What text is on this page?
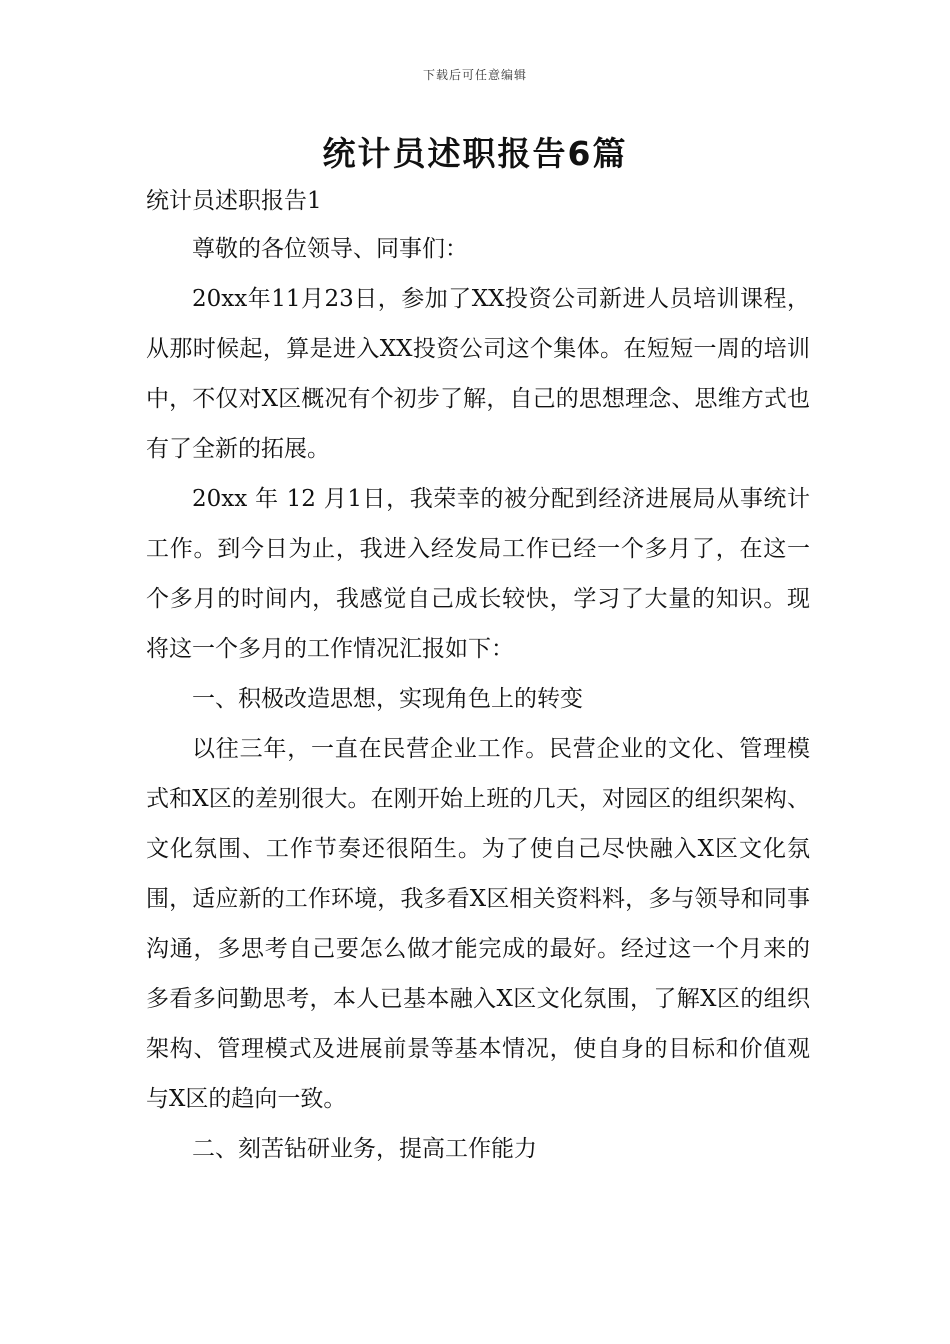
下载后可任意编辑
统计员述职报告6篇
统计员述职报告1

尊敬的各位领导、同事们：

20xx年11月23日，参加了XX投资公司新进人员培训课程，从那时候起，算是进入XX投资公司这个集体。在短短一周的培训中，不仅对X区概况有个初步了解，自己的思想理念、思维方式也有了全新的拓展。

20xx 年 12 月1日，我荣幸的被分配到经济进展局从事统计工作。到今日为止，我进入经发局工作已经一个多月了，在这一个多月的时间内，我感觉自己成长较快，学习了大量的知识。现将这一个多月的工作情况汇报如下：

一、积极改造思想，实现角色上的转变

以往三年，一直在民营企业工作。民营企业的文化、管理模式和X区的差别很大。在刚开始上班的几天，对园区的组织架构、文化氛围、工作节奏还很陌生。为了使自己尽快融入X区文化氛围，适应新的工作环境，我多看X区相关资料料，多与领导和同事沟通，多思考自己要怎么做才能完成的最好。经过这一个月来的多看多问勤思考，本人已基本融入X区文化氛围，了解X区的组织架构、管理模式及进展前景等基本情况，使自身的目标和价值观与X区的趋向一致。

二、刻苦钻研业务，提高工作能力
